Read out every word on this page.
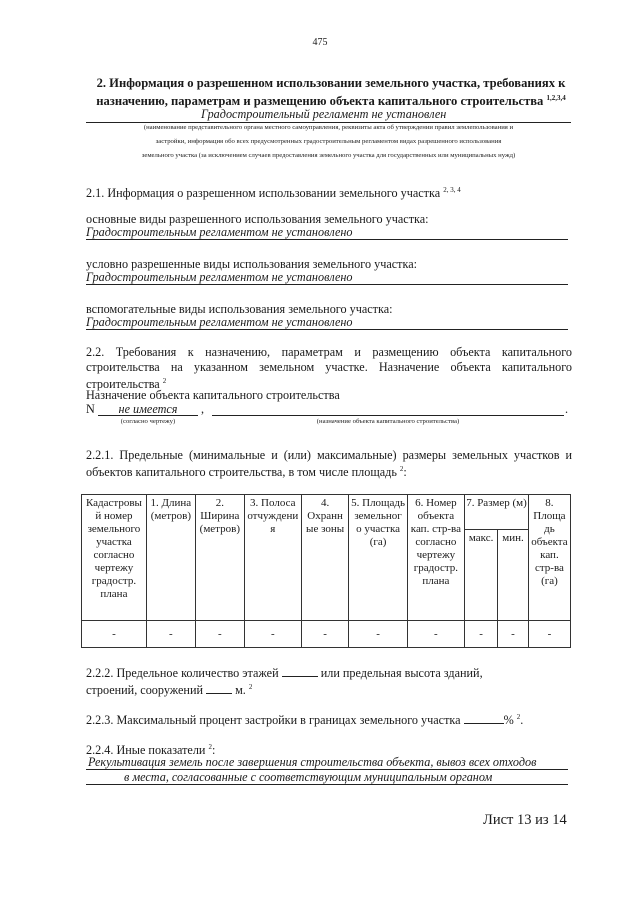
475
2. Информация о разрешенном использовании земельного участка, требованиях к назначению, параметрам и размещению объекта капитального строительства $^{1,2,3,4}$
Градостроительный регламент не установлен
(наименование представительного органа местного самоуправления, реквизиты акта об утверждении правил землепользования и
застройки, информация обо всех предусмотренных градостроительным регламентом видах разрешенного использования
земельного участка (за исключением случаев предоставления земельного участка для государственных или муниципальных нужд)
2.1. Информация о разрешенном использовании земельного участка $^{2, 3, 4}$
основные виды разрешенного использования земельного участка:
Градостроительным регламентом не установлено
условно разрешенные виды использования земельного участка:
Градостроительным регламентом не установлено
вспомогательные виды использования земельного участка:
Градостроительным регламентом не установлено
2.2. Требования к назначению, параметрам и размещению объекта капитального
строительства на указанном земельном участке. Назначение объекта капитального
строительства $^2$
Назначение объекта капитального строительства
N	не имеется	,	.
(согласно чертежу)	(назначение объекта капитального строительства)
2.2.1. Предельные (минимальные и (или) максимальные) размеры земельных участков и
объектов капитального строительства, в том числе площадь $^2$:
Кадастровы й номер земельного участка согласно чертежу градостр. плана	1. Длина (метров)	2. Ширина (метров)	3. Полоса отчуждени я	4. Охранн ые зоны	5. Площадь земельног о участка (га)	6. Номер объекта кап. стр-ва согласно чертежу градостр. плана	7. Размер (м)		8. Площа дь объекта кап. стр-ва (га)
							макс.	мин.	
-	-	-	-	-	-	-	-	-	-
2.2.2. Предельное количество этажей	или предельная высота зданий,
строений, сооружений	м. $^2$
2.2.3. Максимальный процент застройки в границах земельного участка	% $^2$.
2.2.4. Иные показатели $^2$:
Рекультивация земель после завершения строительства объекта, вывоз всех отходов
в места, согласованные с соответствующим муниципальным органом
Лист 13 из 14
